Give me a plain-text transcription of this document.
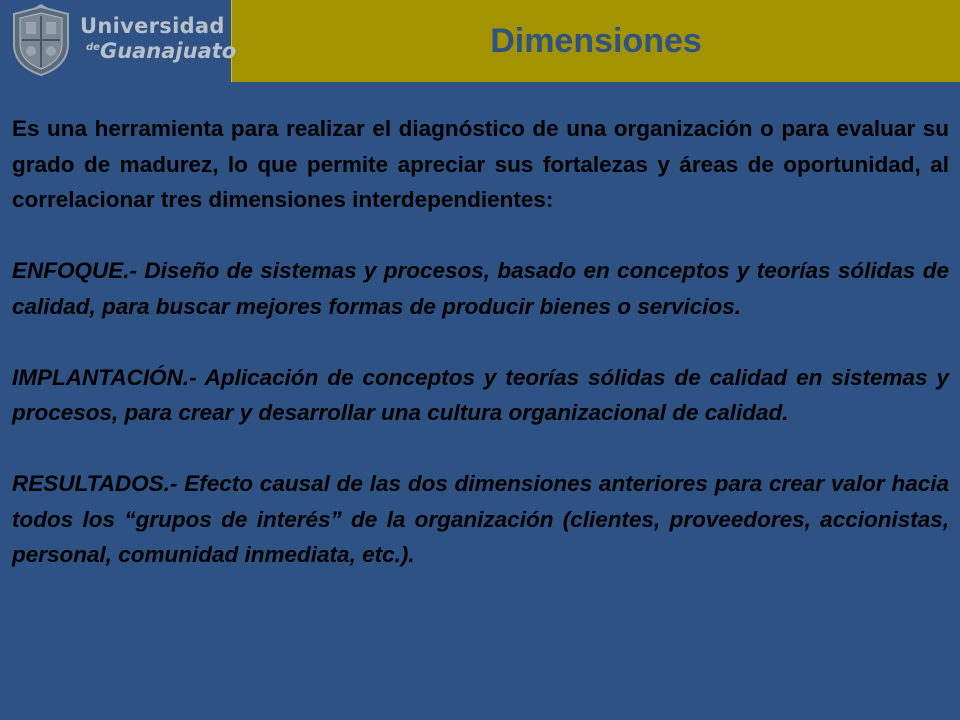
Universidad
$^{de}$Guanajuato	Dimensiones

Es una herramienta para realizar el diagnóstico de una organización o para evaluar su grado de madurez, lo que permite apreciar sus fortalezas y áreas de oportunidad, al correlacionar tres dimensiones interdependientes:

ENFOQUE.- Diseño de sistemas y procesos, basado en conceptos y teorías sólidas de calidad, para buscar mejores formas de producir bienes o servicios.

IMPLANTACIÓN.- Aplicación de conceptos y teorías sólidas de calidad en sistemas y procesos, para crear y desarrollar una cultura organizacional de calidad.

RESULTADOS.- Efecto causal de las dos dimensiones anteriores para crear valor hacia todos los “grupos de interés” de la organización (clientes, proveedores, accionistas, personal, comunidad inmediata, etc.).
